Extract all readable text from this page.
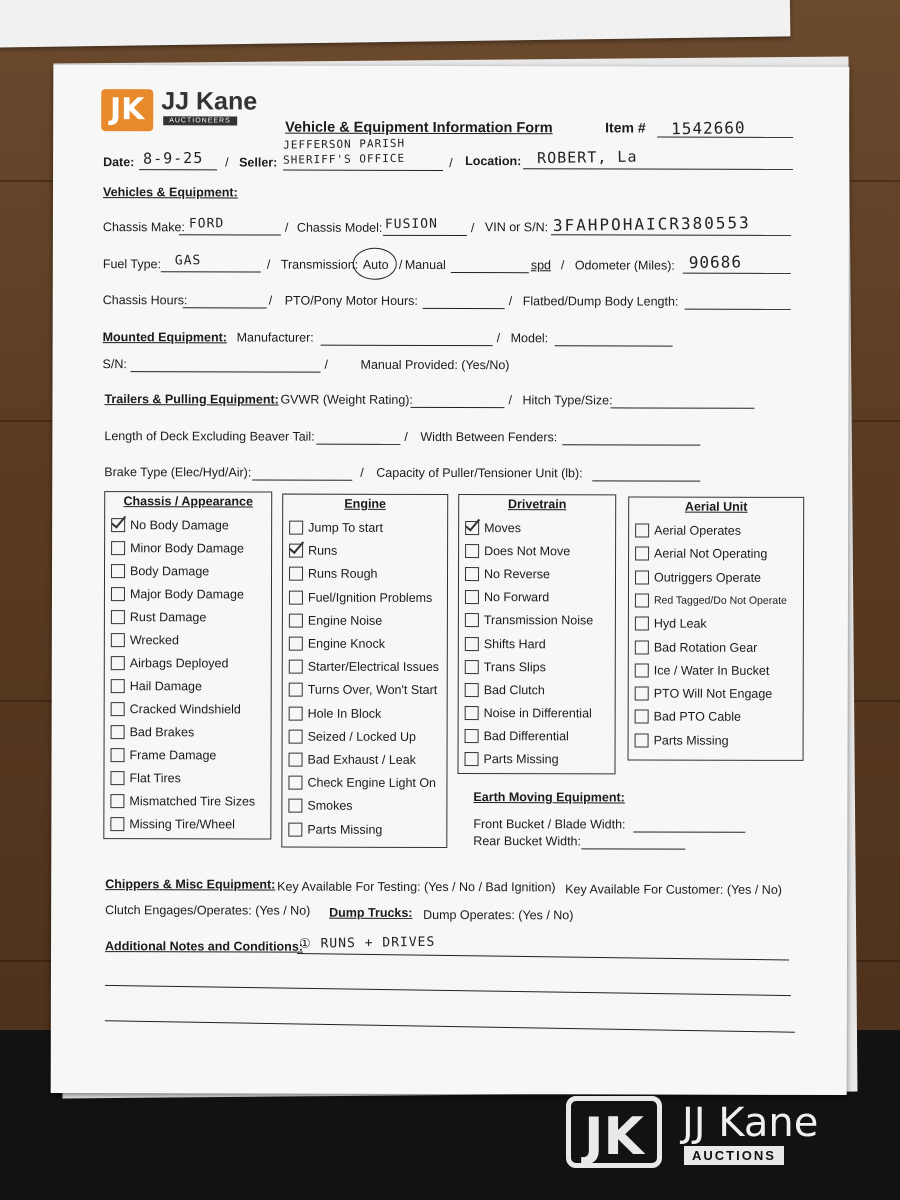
JK JJ Kane
AUCTIONEERS	Vehicle & Equipment Information Form	Item # 1542660
Date: 8-9-25 / Seller:
JEFFERSON PARISH
SHERIFF'S OFFICE	/ Location: ROBERT, La
Vehicles & Equipment:
Chassis Make: FORD	/ Chassis Model: FUSION	/ VIN or S/N: 3FAHPOHAICR380553
Fuel Type: GAS	/ Transmission: Auto / Manual	spd / Odometer (Miles): 90686
Chassis Hours:	/ PTO/Pony Motor Hours:	/ Flatbed/Dump Body Length:
Mounted Equipment: Manufacturer:	/ Model:
S/N:	/	Manual Provided: (Yes/No)
Trailers & Pulling Equipment: GVWR (Weight Rating):	/ Hitch Type/Size:
Length of Deck Excluding Beaver Tail:	/ Width Between Fenders:
Brake Type (Elec/Hyd/Air):	/ Capacity of Puller/Tensioner Unit (lb):
Chassis / Appearance
No Body Damage
Minor Body Damage
Body Damage
Major Body Damage
Rust Damage
Wrecked
Airbags Deployed
Hail Damage
Cracked Windshield
Bad Brakes
Frame Damage
Flat Tires
Mismatched Tire Sizes
Missing Tire/Wheel
Engine
Jump To start
Runs
Runs Rough
Fuel/Ignition Problems
Engine Noise
Engine Knock
Starter/Electrical Issues
Turns Over, Won't Start
Hole In Block
Seized / Locked Up
Bad Exhaust / Leak
Check Engine Light On
Smokes
Parts Missing
Drivetrain
Moves
Does Not Move
No Reverse
No Forward
Transmission Noise
Shifts Hard
Trans Slips
Bad Clutch
Noise in Differential
Bad Differential
Parts Missing
Aerial Unit
Aerial Operates
Aerial Not Operating
Outriggers Operate
Red Tagged/Do Not Operate
Hyd Leak
Bad Rotation Gear
Ice / Water In Bucket
PTO Will Not Engage
Bad PTO Cable
Parts Missing
Earth Moving Equipment:
Front Bucket / Blade Width:
Rear Bucket Width:
Chippers & Misc Equipment: Key Available For Testing: (Yes / No / Bad Ignition) Key Available For Customer: (Yes / No)
Clutch Engages/Operates: (Yes / No) Dump Trucks: Dump Operates: (Yes / No)
Additional Notes and Conditions:
① RUNS + DRIVES
JK JJ Kane
AUCTIONS
